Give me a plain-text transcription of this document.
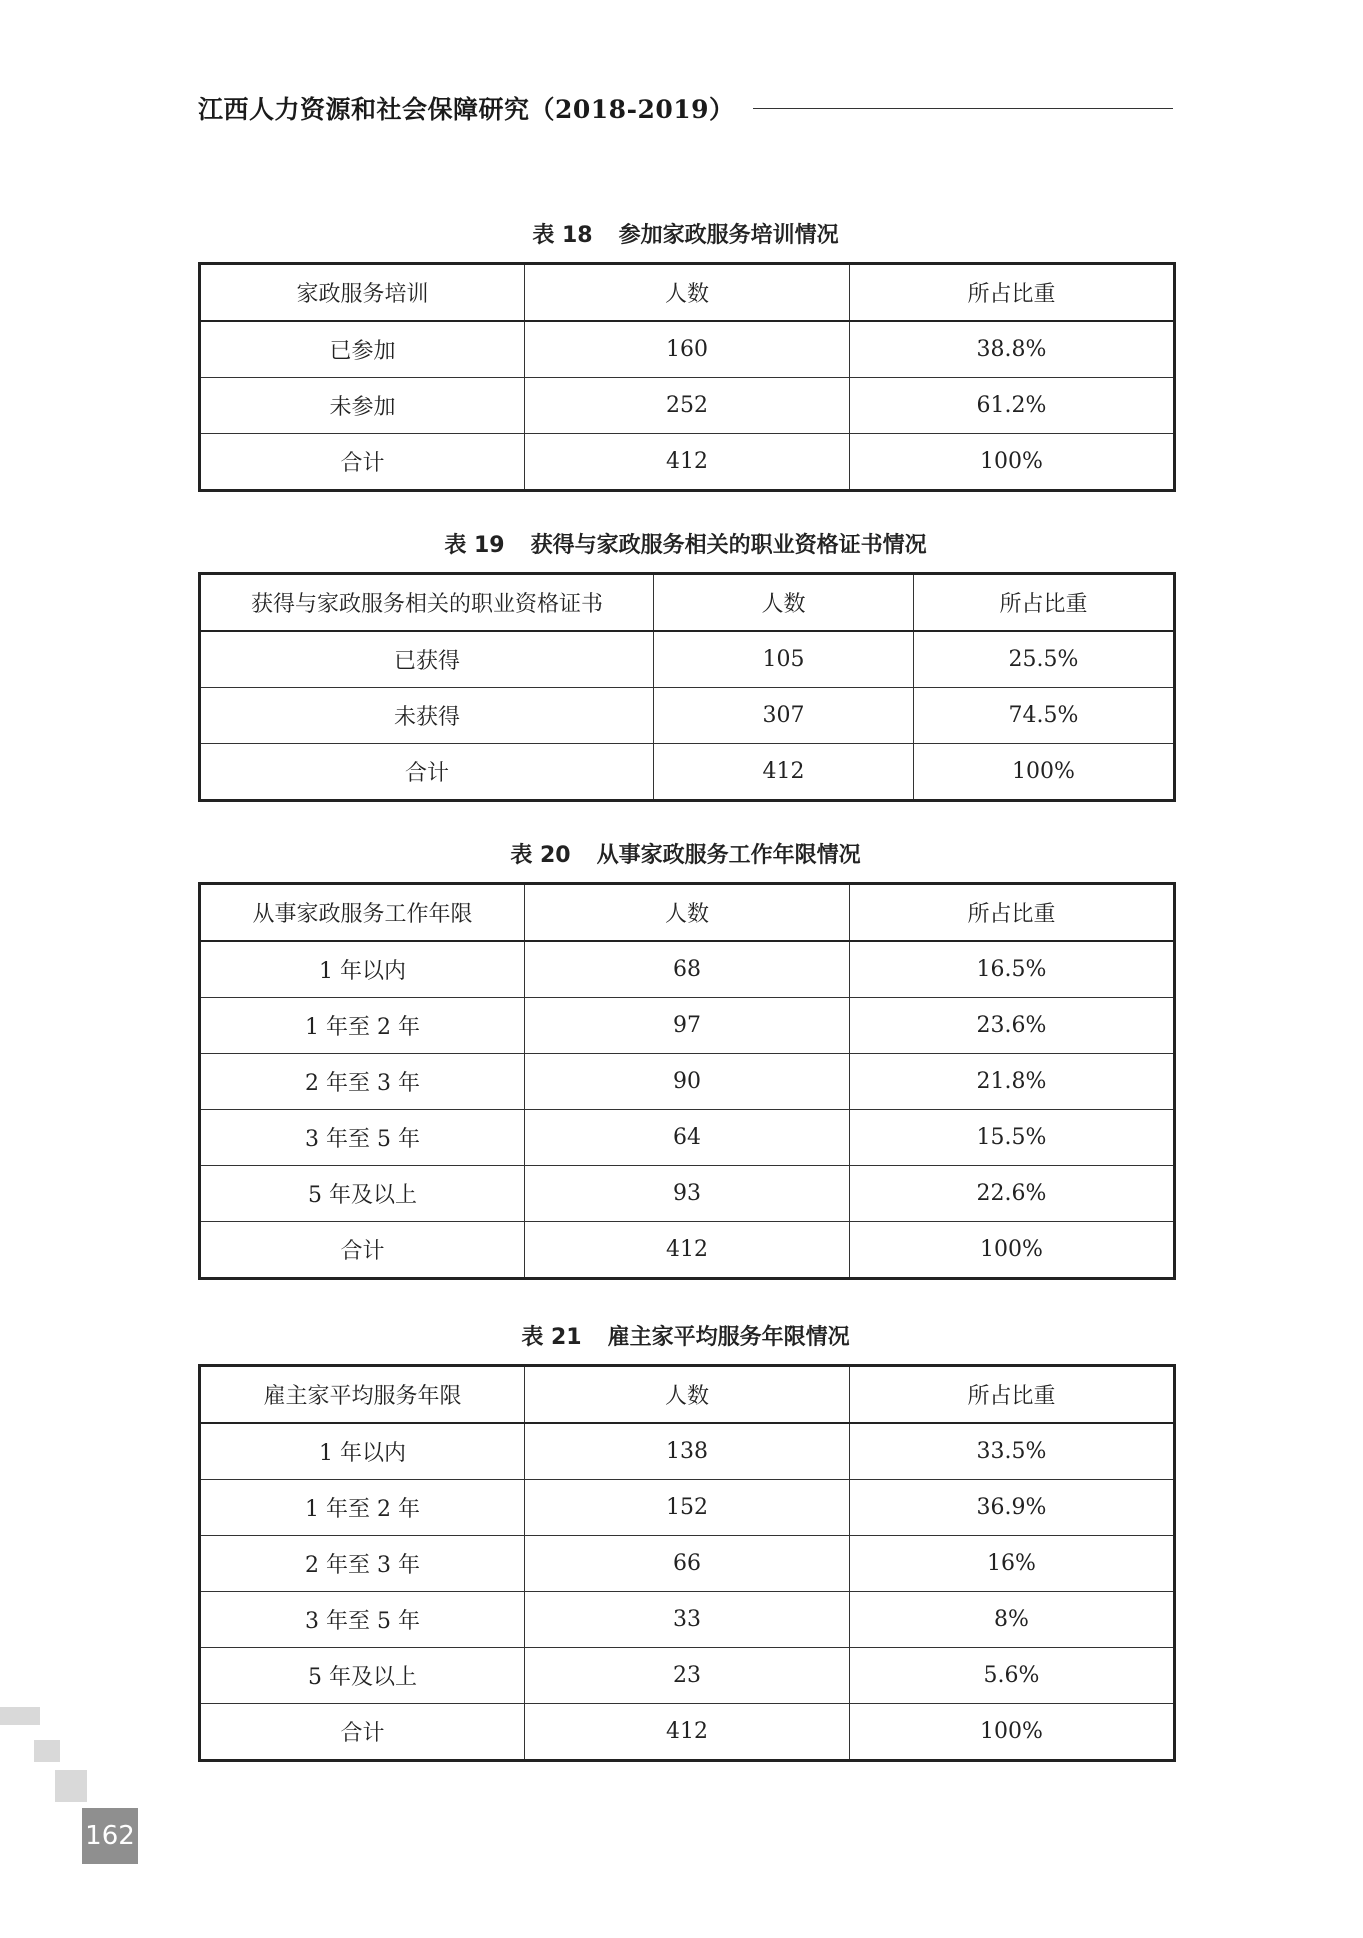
江西人力资源和社会保障研究（2018-2019）
表 18 参加家政服务培训情况
家政服务培训	人数	所占比重
已参加	160	38.8%
未参加	252	61.2%
合计	412	100%
表 19 获得与家政服务相关的职业资格证书情况
获得与家政服务相关的职业资格证书	人数	所占比重
已获得	105	25.5%
未获得	307	74.5%
合计	412	100%
表 20 从事家政服务工作年限情况
从事家政服务工作年限	人数	所占比重
1 年以内	68	16.5%
1 年至 2 年	97	23.6%
2 年至 3 年	90	21.8%
3 年至 5 年	64	15.5%
5 年及以上	93	22.6%
合计	412	100%
表 21 雇主家平均服务年限情况
雇主家平均服务年限	人数	所占比重
1 年以内	138	33.5%
1 年至 2 年	152	36.9%
2 年至 3 年	66	16%
3 年至 5 年	33	8%
5 年及以上	23	5.6%
合计	412	100%
162
